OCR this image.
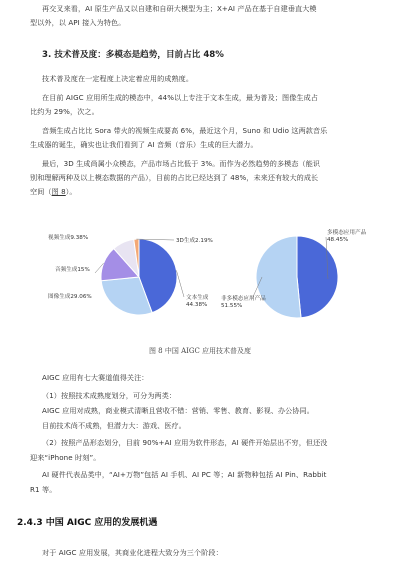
再交叉来看，AI 原生产品又以自建和自研大模型为主；X+AI 产品在基于自建垂直大模
型以外，以 API 接入为特色。
3. 技术普及度：多模态是趋势，目前占比 48%
技术普及度在一定程度上决定着应用的成熟度。
在目前 AIGC 应用所生成的模态中，44%以上专注于文本生成，最为普及；图像生成占
比约为 29%，次之。
音频生成占比比 Sora 带火的视频生成要高 6%，最近这个月，Suno 和 Udio 这两款音乐
生成器的诞生，确实也让我们看到了 AI 音频（音乐）生成的巨大潜力。
最后，3D 生成尚属小众模态，产品市场占比低于 3%。而作为必然趋势的多模态（能识
别和理解两种及以上模态数据的产品），目前的占比已经达到了 48%，未来还有较大的成长
空间（图 8）。
文本生成 44.38%
图像生成29.06%
音频生成15%
视频生成9.38%	3D生成2.19%
多模态应用产品 48.45%
非多模态应用产品 51.55%
图 8 中国 AIGC 应用技术普及度
AIGC 应用有七大赛道值得关注：
（1）按照技术成熟度划分，可分为两类：
AIGC 应用对成熟，商业模式清晰且营收不错：营销、零售、教育、影视、办公协同。
目前技术尚不成熟，但潜力大：游戏、医疗。
（2）按照产品形态划分，目前 90%+AI 应用为软件形态，AI 硬件开始层出不穷，但还没
迎来“iPhone 时刻”。
AI 硬件代表品类中，“AI+万物”包括 AI 手机、AI PC 等；AI 新物种包括 AI Pin、Rabbit
R1 等。
2.4.3 中国 AIGC 应用的发展机遇
对于 AIGC 应用发展，其商业化进程大致分为三个阶段：
